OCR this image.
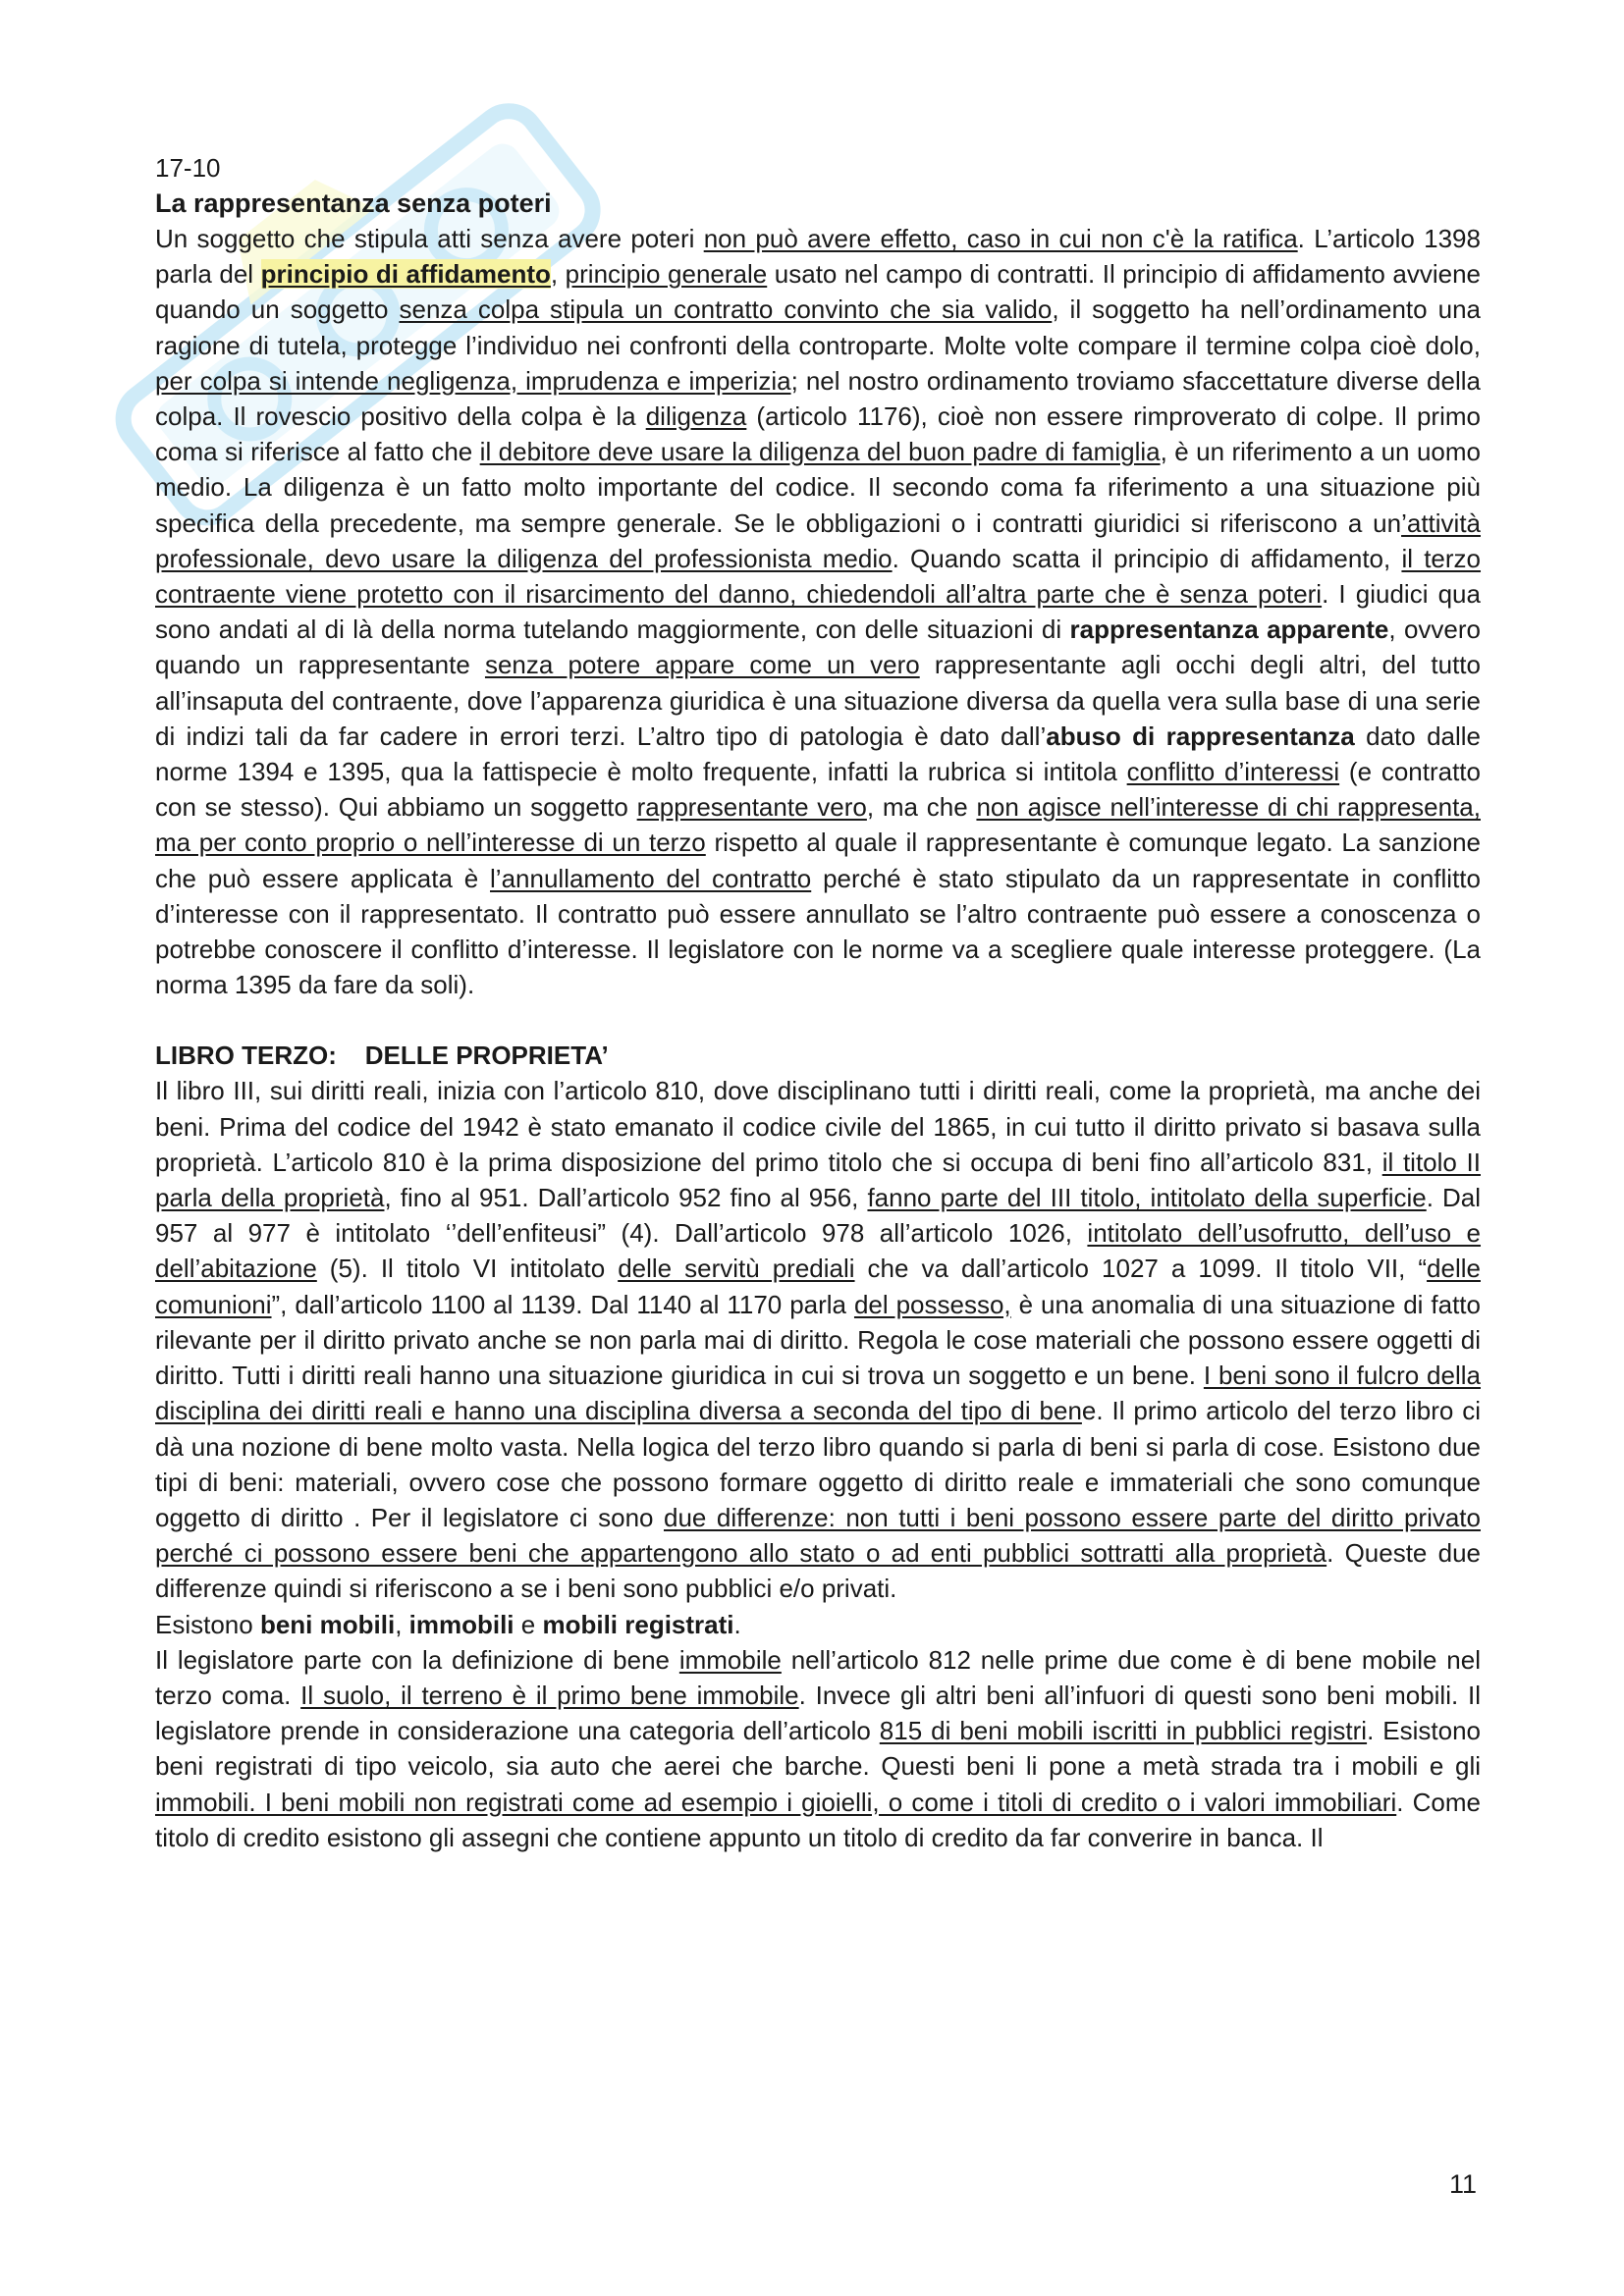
17-10
La rappresentanza senza poteri

Un soggetto che stipula atti senza avere poteri non può avere effetto, caso in cui non c'è la ratifica. L’articolo 1398 parla del principio di affidamento, principio generale usato nel campo di contratti. Il principio di affidamento avviene quando un soggetto senza colpa stipula un contratto convinto che sia valido, il soggetto ha nell’ordinamento una ragione di tutela, protegge l’individuo nei confronti della controparte. Molte volte compare il termine colpa cioè dolo, per colpa si intende negligenza, imprudenza e imperizia; nel nostro ordinamento troviamo sfaccettature diverse della colpa. Il rovescio positivo della colpa è la diligenza (articolo 1176), cioè non essere rimproverato di colpe. Il primo coma si riferisce al fatto che il debitore deve usare la diligenza del buon padre di famiglia, è un riferimento a un uomo medio. La diligenza è un fatto molto importante del codice. Il secondo coma fa riferimento a una situazione più specifica della precedente, ma sempre generale. Se le obbligazioni o i contratti giuridici si riferiscono a un’attività professionale, devo usare la diligenza del professionista medio. Quando scatta il principio di affidamento, il terzo contraente viene protetto con il risarcimento del danno, chiedendoli all’altra parte che è senza poteri. I giudici qua sono andati al di là della norma tutelando maggiormente, con delle situazioni di rappresentanza apparente, ovvero quando un rappresentante senza potere appare come un vero rappresentante agli occhi degli altri, del tutto all’insaputa del contraente, dove l’apparenza giuridica è una situazione diversa da quella vera sulla base di una serie di indizi tali da far cadere in errori terzi. L’altro tipo di patologia è dato dall’abuso di rappresentanza dato dalle norme 1394 e 1395, qua la fattispecie è molto frequente, infatti la rubrica si intitola conflitto d’interessi (e contratto con se stesso). Qui abbiamo un soggetto rappresentante vero, ma che non agisce nell’interesse di chi rappresenta, ma per conto proprio o nell’interesse di un terzo rispetto al quale il rappresentante è comunque legato. La sanzione che può essere applicata è l’annullamento del contratto perché è stato stipulato da un rappresentate in conflitto d’interesse con il rappresentato. Il contratto può essere annullato se l’altro contraente può essere a conoscenza o potrebbe conoscere il conflitto d’interesse. Il legislatore con le norme va a scegliere quale interesse proteggere. (La norma 1395 da fare da soli).

LIBRO TERZO:    DELLE PROPRIETA’

Il libro III, sui diritti reali, inizia con l’articolo 810, dove disciplinano tutti i diritti reali, come la proprietà, ma anche dei beni. Prima del codice del 1942 è stato emanato il codice civile del 1865, in cui tutto il diritto privato si basava sulla proprietà. L’articolo 810 è la prima disposizione del primo titolo che si occupa di beni fino all’articolo 831, il titolo II parla della proprietà, fino al 951. Dall’articolo 952 fino al 956, fanno parte del III titolo, intitolato della superficie. Dal 957 al 977 è intitolato ‘’dell’enfiteusi” (4). Dall’articolo 978 all’articolo 1026, intitolato dell’usofrutto, dell’uso e dell’abitazione (5). Il titolo VI intitolato delle servitù prediali che va dall’articolo 1027 a 1099. Il titolo VII, “delle comunioni”, dall’articolo 1100 al 1139. Dal 1140 al 1170 parla del possesso, è una anomalia di una situazione di fatto rilevante per il diritto privato anche se non parla mai di diritto. Regola le cose materiali che possono essere oggetti di diritto. Tutti i diritti reali hanno una situazione giuridica in cui si trova un soggetto e un bene. I beni sono il fulcro della disciplina dei diritti reali e hanno una disciplina diversa a seconda del tipo di bene. Il primo articolo del terzo libro ci dà una nozione di bene molto vasta. Nella logica del terzo libro quando si parla di beni si parla di cose. Esistono due tipi di beni: materiali, ovvero cose che possono formare oggetto di diritto reale e immateriali che sono comunque oggetto di diritto . Per il legislatore ci sono due differenze: non tutti i beni possono essere parte del diritto privato perché ci possono essere beni che appartengono allo stato o ad enti pubblici sottratti alla proprietà. Queste due differenze quindi si riferiscono a se i beni sono pubblici e/o privati.

Esistono beni mobili, immobili e mobili registrati.

Il legislatore parte con la definizione di bene immobile nell’articolo 812 nelle prime due come è di bene mobile nel terzo coma. Il suolo, il terreno è il primo bene immobile. Invece gli altri beni all’infuori di questi sono beni mobili. Il legislatore prende in considerazione una categoria dell’articolo 815 di beni mobili iscritti in pubblici registri. Esistono beni registrati di tipo veicolo, sia auto che aerei che barche. Questi beni li pone a metà strada tra i mobili e gli immobili. I beni mobili non registrati come ad esempio i gioielli, o come i titoli di credito o i valori immobiliari. Come titolo di credito esistono gli assegni che contiene appunto un titolo di credito da far converire in banca. Il

11
